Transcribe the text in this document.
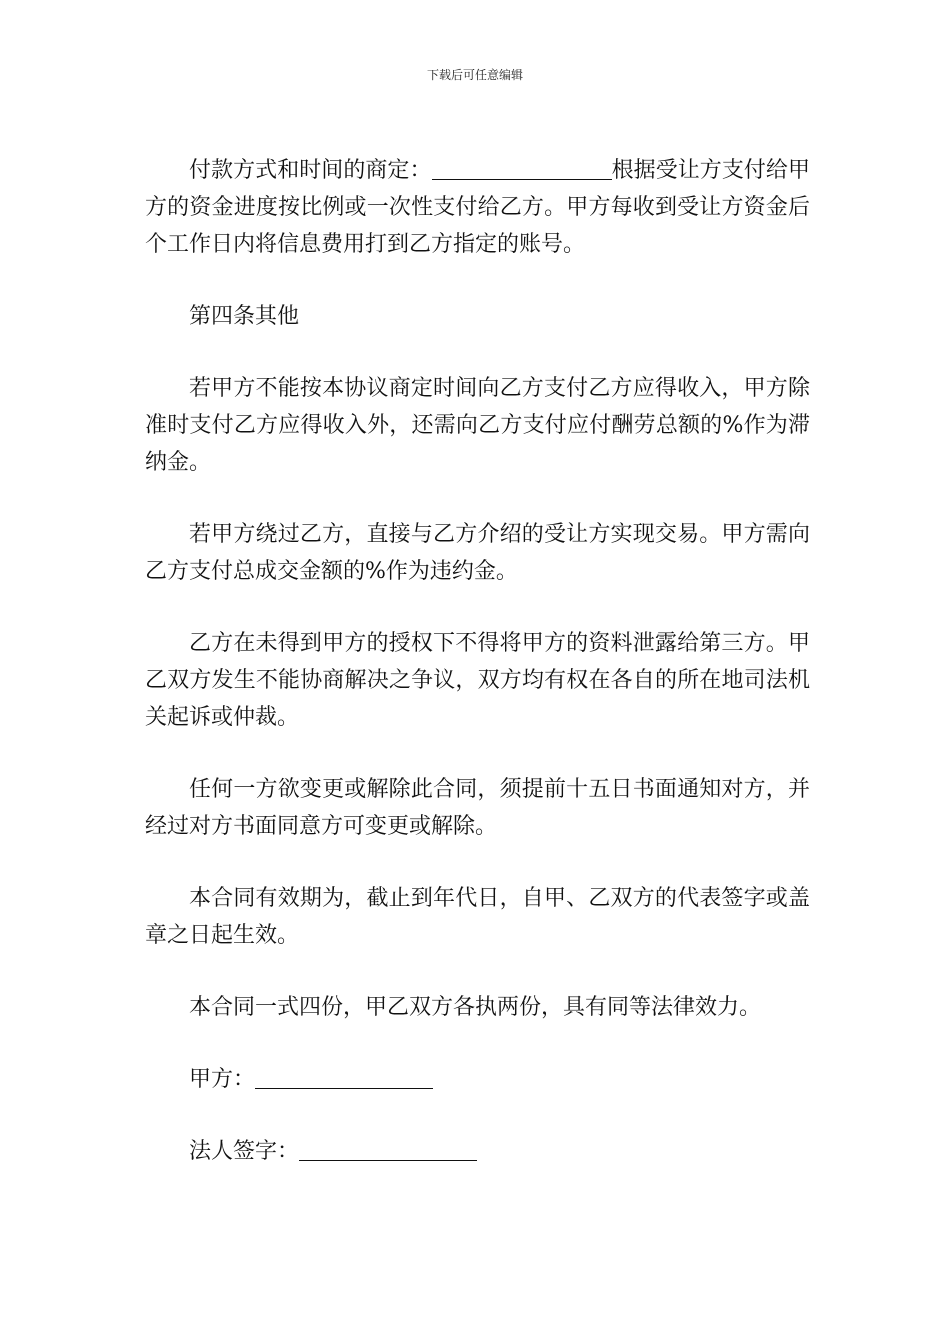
下载后可任意编辑

付款方式和时间的商定：	根据受让方支付给甲方的资金进度按比例或一次性支付给乙方。甲方每收到受让方资金后个工作日内将信息费用打到乙方指定的账号。

第四条其他

若甲方不能按本协议商定时间向乙方支付乙方应得收入，甲方除准时支付乙方应得收入外，还需向乙方支付应付酬劳总额的%作为滞纳金。

若甲方绕过乙方，直接与乙方介绍的受让方实现交易。甲方需向乙方支付总成交金额的%作为违约金。

乙方在未得到甲方的授权下不得将甲方的资料泄露给第三方。甲乙双方发生不能协商解决之争议，双方均有权在各自的所在地司法机关起诉或仲裁。

任何一方欲变更或解除此合同，须提前十五日书面通知对方，并经过对方书面同意方可变更或解除。

本合同有效期为，截止到年代日，自甲、乙双方的代表签字或盖章之日起生效。

本合同一式四份，甲乙双方各执两份，具有同等法律效力。

甲方：

法人签字：
